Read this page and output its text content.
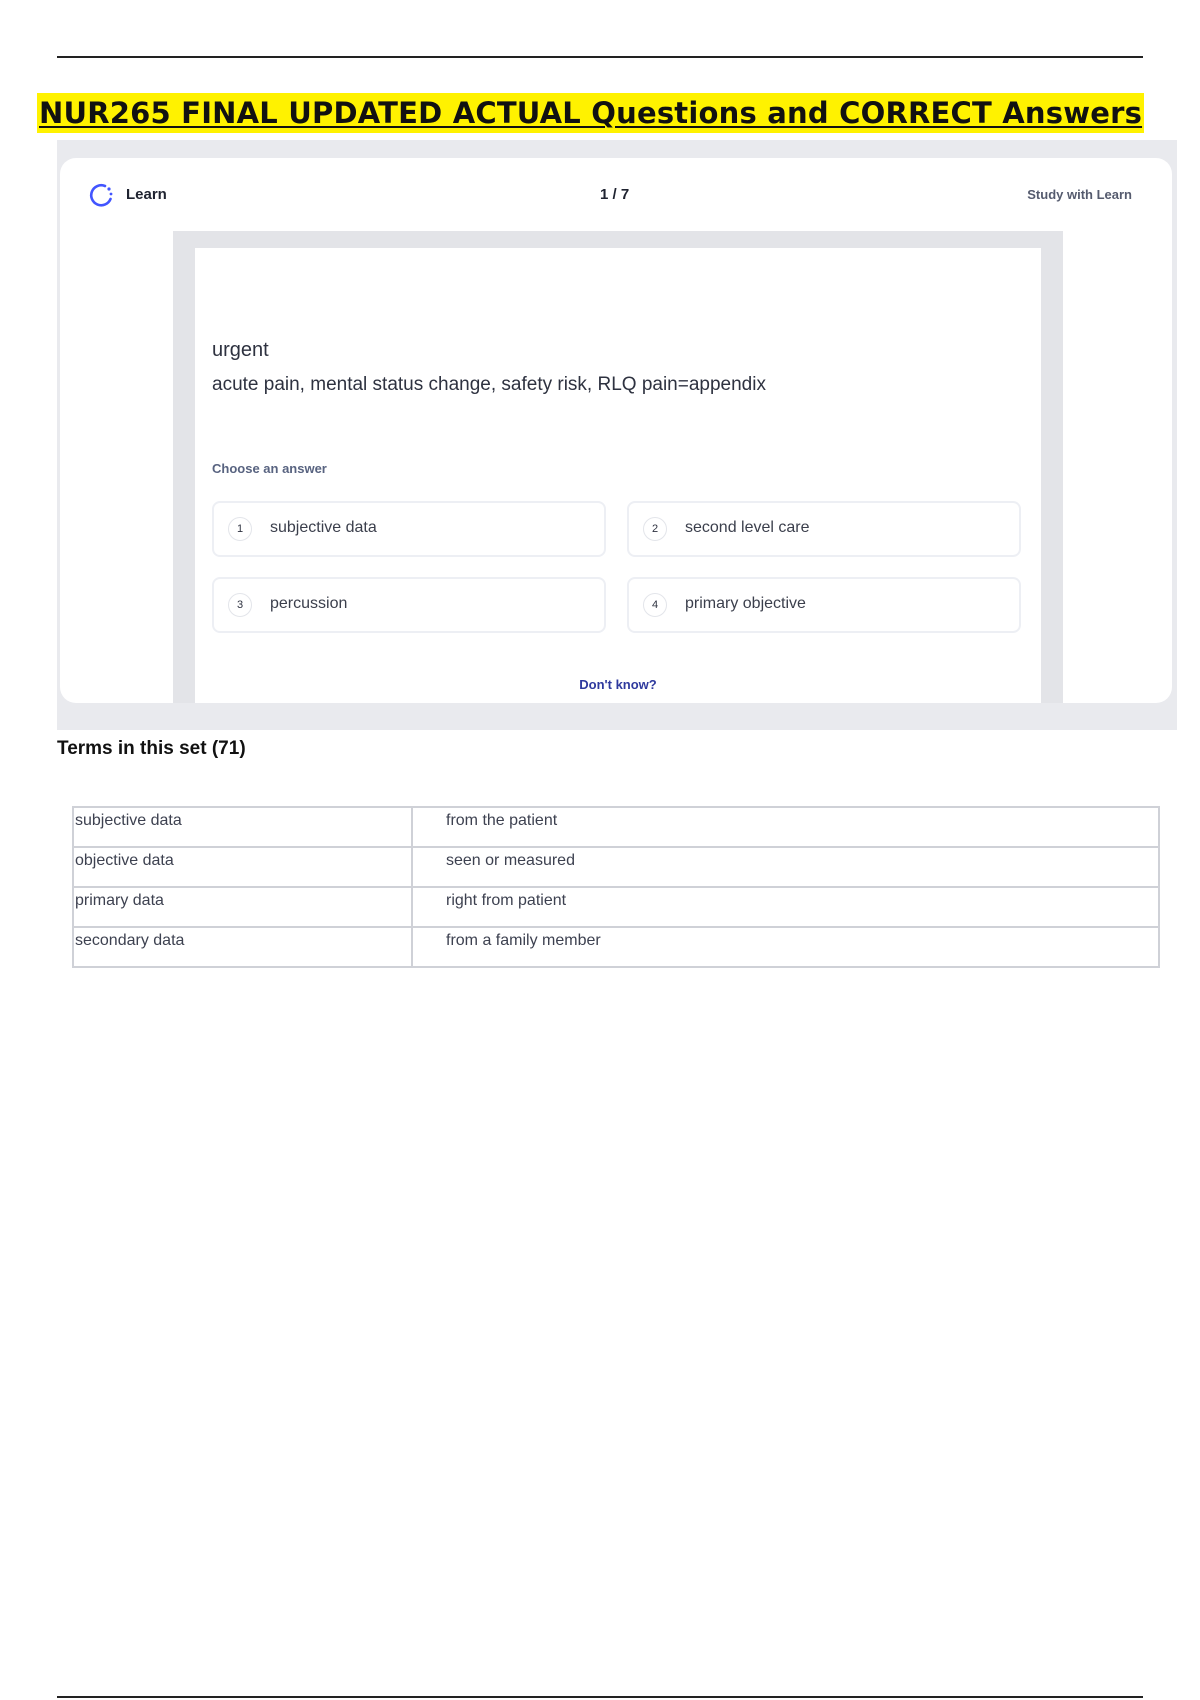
NUR265 FINAL UPDATED ACTUAL Questions and CORRECT Answers
Learn	1 / 7	Study with Learn
urgent
acute pain, mental status change, safety risk, RLQ pain=appendix
Choose an answer
1	subjective data	2	second level care
3	percussion	4	primary objective
Don't know?
Terms in this set (71)
subjective data	from the patient
objective data	seen or measured
primary data	right from patient
secondary data	from a family member
